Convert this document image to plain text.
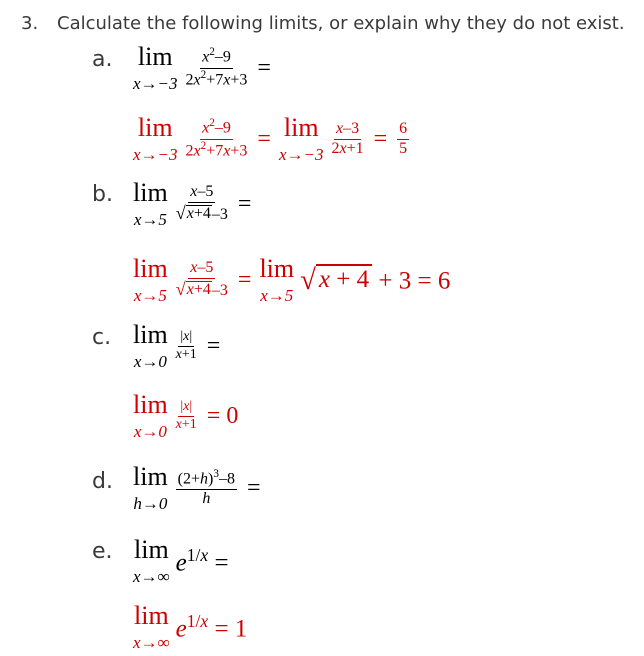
3. Calculate the following limits, or explain why they do not exist.
a. lim
$x\to-3 \frac{x^2-9}{2x^2+7x+3}$ =
lim
$x\to-3 \frac{x^2-9}{2x^2+7x+3} = \lim$
$x\to-3 \frac{x-3}{2x+1} = \frac{6}{5}$
b. lim
$x\to 5 \frac{x-5}{√ x+4 -3}$ =
lim
$x\to 5 \frac{x-5}{√ x+4 -3} = \lim$
x→5 √ x + 4 + 3 = 6
c. lim
$x\to 0 \frac{|x|}{x+1}$ =
lim
$x\to 0 \frac{|x|}{x+1} = 0$
d. lim
$h\to 0 \frac{(2+h)^3-8}{h}$ =
e. lim
x→∞
$e^{1/x}$ =
lim
x→∞
$e^{1/x} = 1$
